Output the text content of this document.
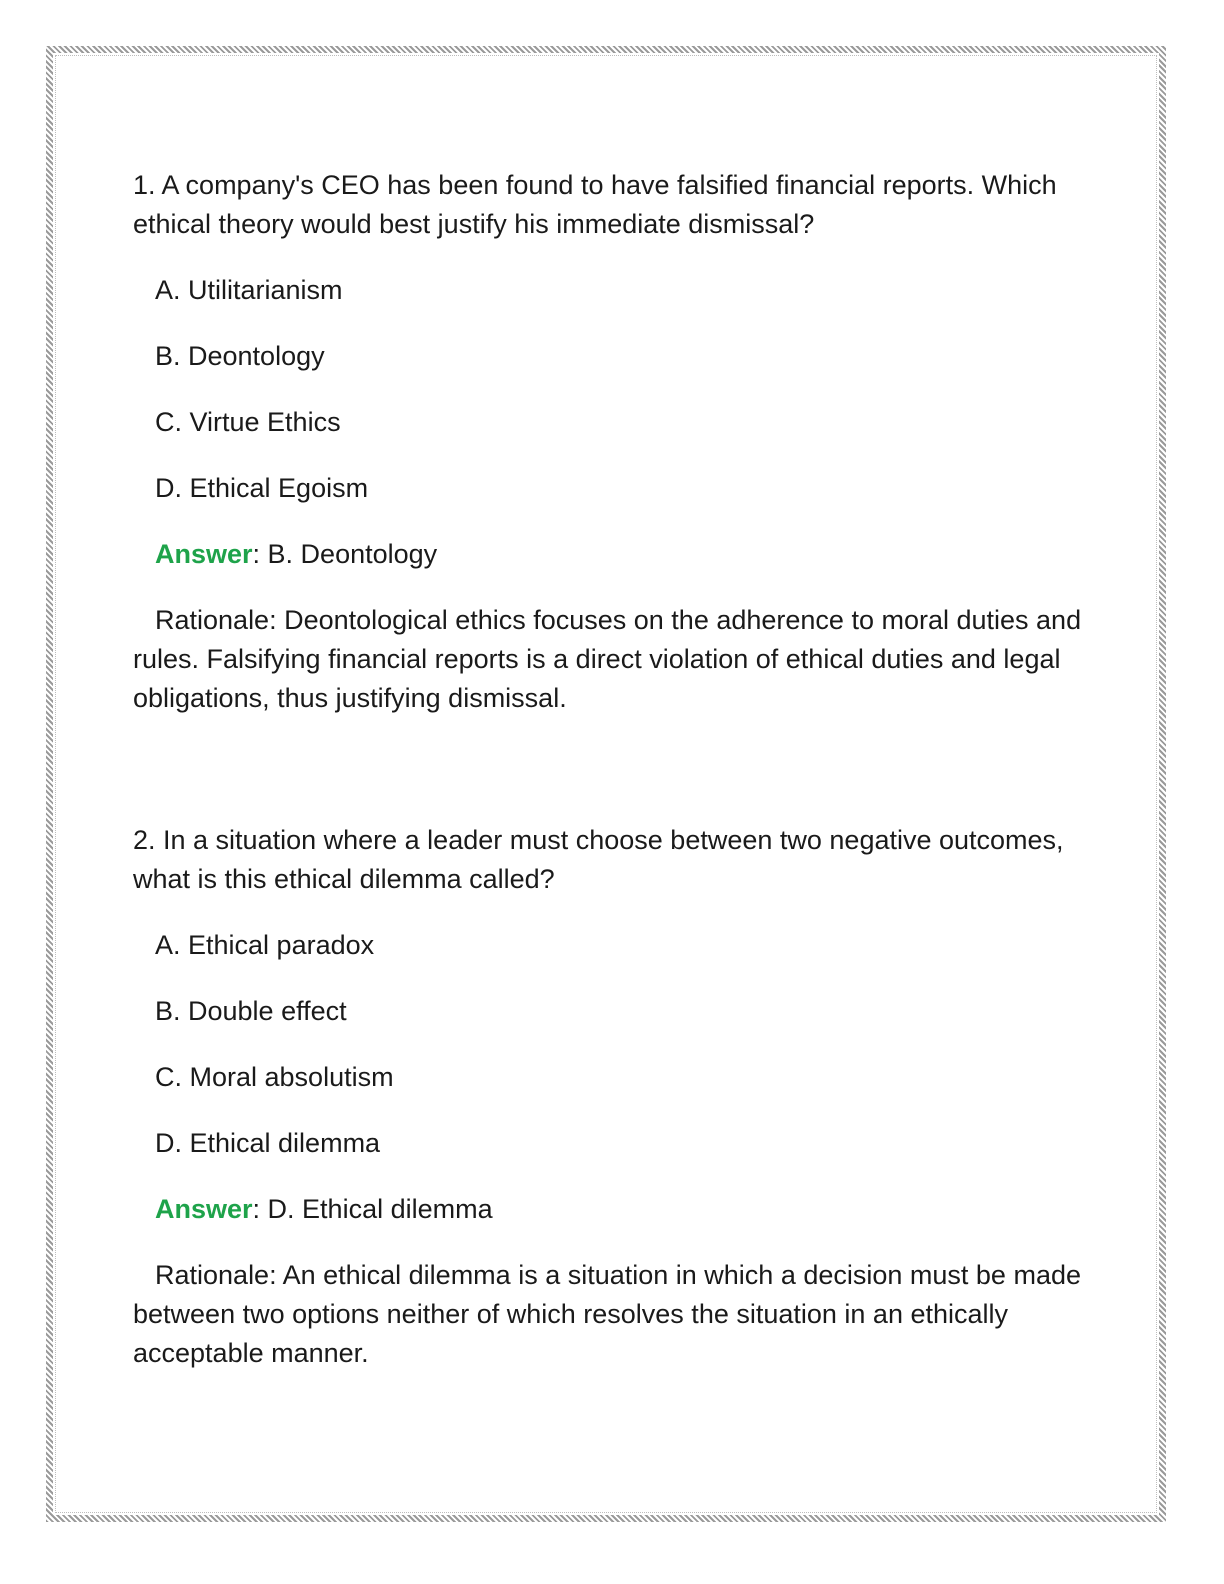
1. A company's CEO has been found to have falsified financial reports. Which ethical theory would best justify his immediate dismissal?

A. Utilitarianism

B. Deontology

C. Virtue Ethics

D. Ethical Egoism

Answer: B. Deontology

Rationale: Deontological ethics focuses on the adherence to moral duties and rules. Falsifying financial reports is a direct violation of ethical duties and legal obligations, thus justifying dismissal.

2. In a situation where a leader must choose between two negative outcomes, what is this ethical dilemma called?

A. Ethical paradox

B. Double effect

C. Moral absolutism

D. Ethical dilemma

Answer: D. Ethical dilemma

Rationale: An ethical dilemma is a situation in which a decision must be made between two options neither of which resolves the situation in an ethically acceptable manner.
